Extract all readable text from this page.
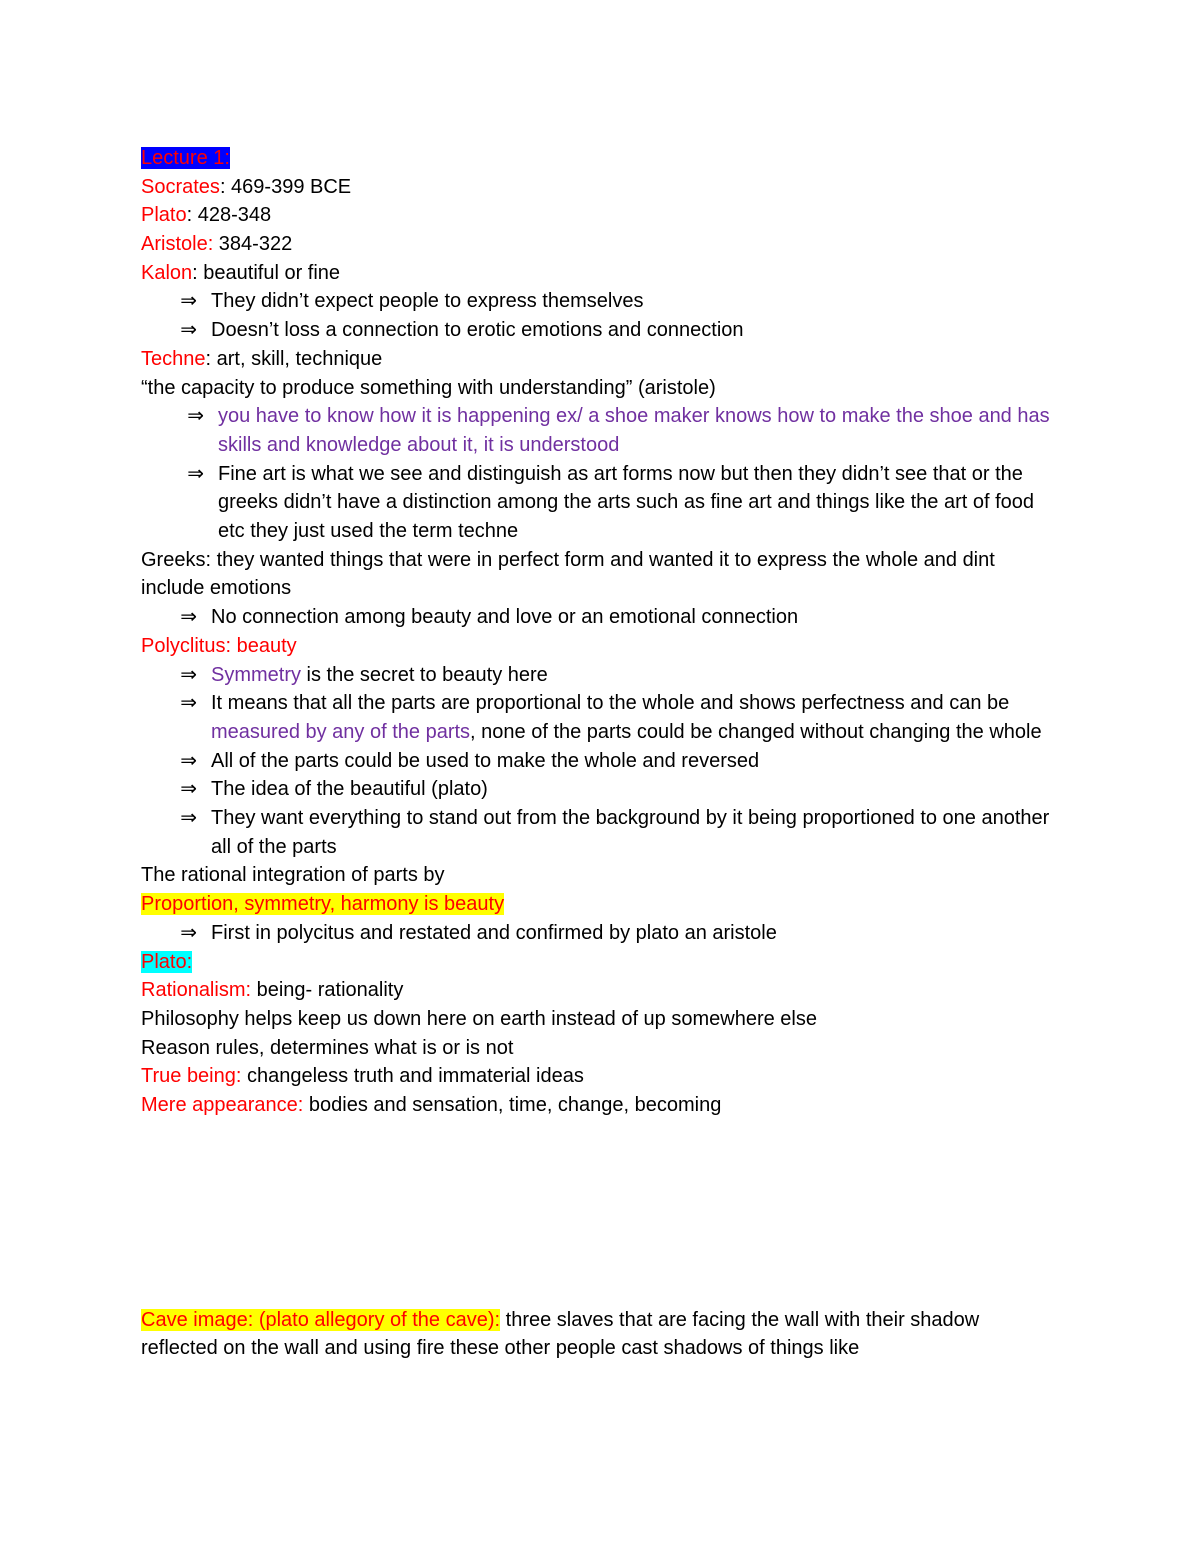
Lecture 1:
Socrates: 469-399 BCE
Plato: 428-348
Aristole: 384-322
Kalon: beautiful or fine
⇒ They didn’t expect people to express themselves
⇒ Doesn’t loss a connection to erotic emotions and connection
Techne: art, skill, technique
“the capacity to produce something with understanding” (aristole)
⇒ you have to know how it is happening ex/ a shoe maker knows how to make the shoe and has skills and knowledge about it, it is understood
⇒ Fine art is what we see and distinguish as art forms now but then they didn’t see that or the greeks didn’t have a distinction among the arts such as fine art and things like the art of food etc they just used the term techne
Greeks: they wanted things that were in perfect form and wanted it to express the whole and dint include emotions
⇒ No connection among beauty and love or an emotional connection
Polyclitus: beauty
⇒ Symmetry is the secret to beauty here
⇒ It means that all the parts are proportional to the whole and shows perfectness and can be measured by any of the parts, none of the parts could be changed without changing the whole
⇒ All of the parts could be used to make the whole and reversed
⇒ The idea of the beautiful (plato)
⇒ They want everything to stand out from the background by it being proportioned to one another all of the parts
The rational integration of parts by
Proportion, symmetry, harmony is beauty
⇒ First in polycitus and restated and confirmed by plato an aristole
Plato:
Rationalism: being- rationality
Philosophy helps keep us down here on earth instead of up somewhere else
Reason rules, determines what is or is not
True being: changeless truth and immaterial ideas
Mere appearance: bodies and sensation, time, change, becoming
Cave image: (plato allegory of the cave): three slaves that are facing the wall with their shadow reflected on the wall and using fire these other people cast shadows of things like
